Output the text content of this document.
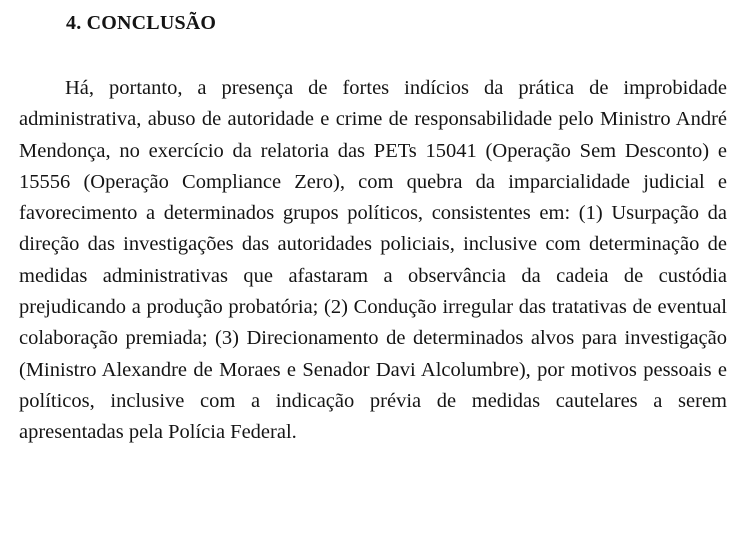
4. CONCLUSÃO

Há, portanto, a presença de fortes indícios da prática de improbidade administrativa, abuso de autoridade e crime de responsabilidade pelo Ministro André Mendonça, no exercício da relatoria das PETs 15041 (Operação Sem Desconto) e 15556 (Operação Compliance Zero), com quebra da imparcialidade judicial e favorecimento a determinados grupos políticos, consistentes em: (1) Usurpação da direção das investigações das autoridades policiais, inclusive com determinação de medidas administrativas que afastaram a observância da cadeia de custódia prejudicando a produção probatória; (2) Condução irregular das tratativas de eventual colaboração premiada; (3) Direcionamento de determinados alvos para investigação (Ministro Alexandre de Moraes e Senador Davi Alcolumbre), por motivos pessoais e políticos, inclusive com a indicação prévia de medidas cautelares a serem apresentadas pela Polícia Federal.
